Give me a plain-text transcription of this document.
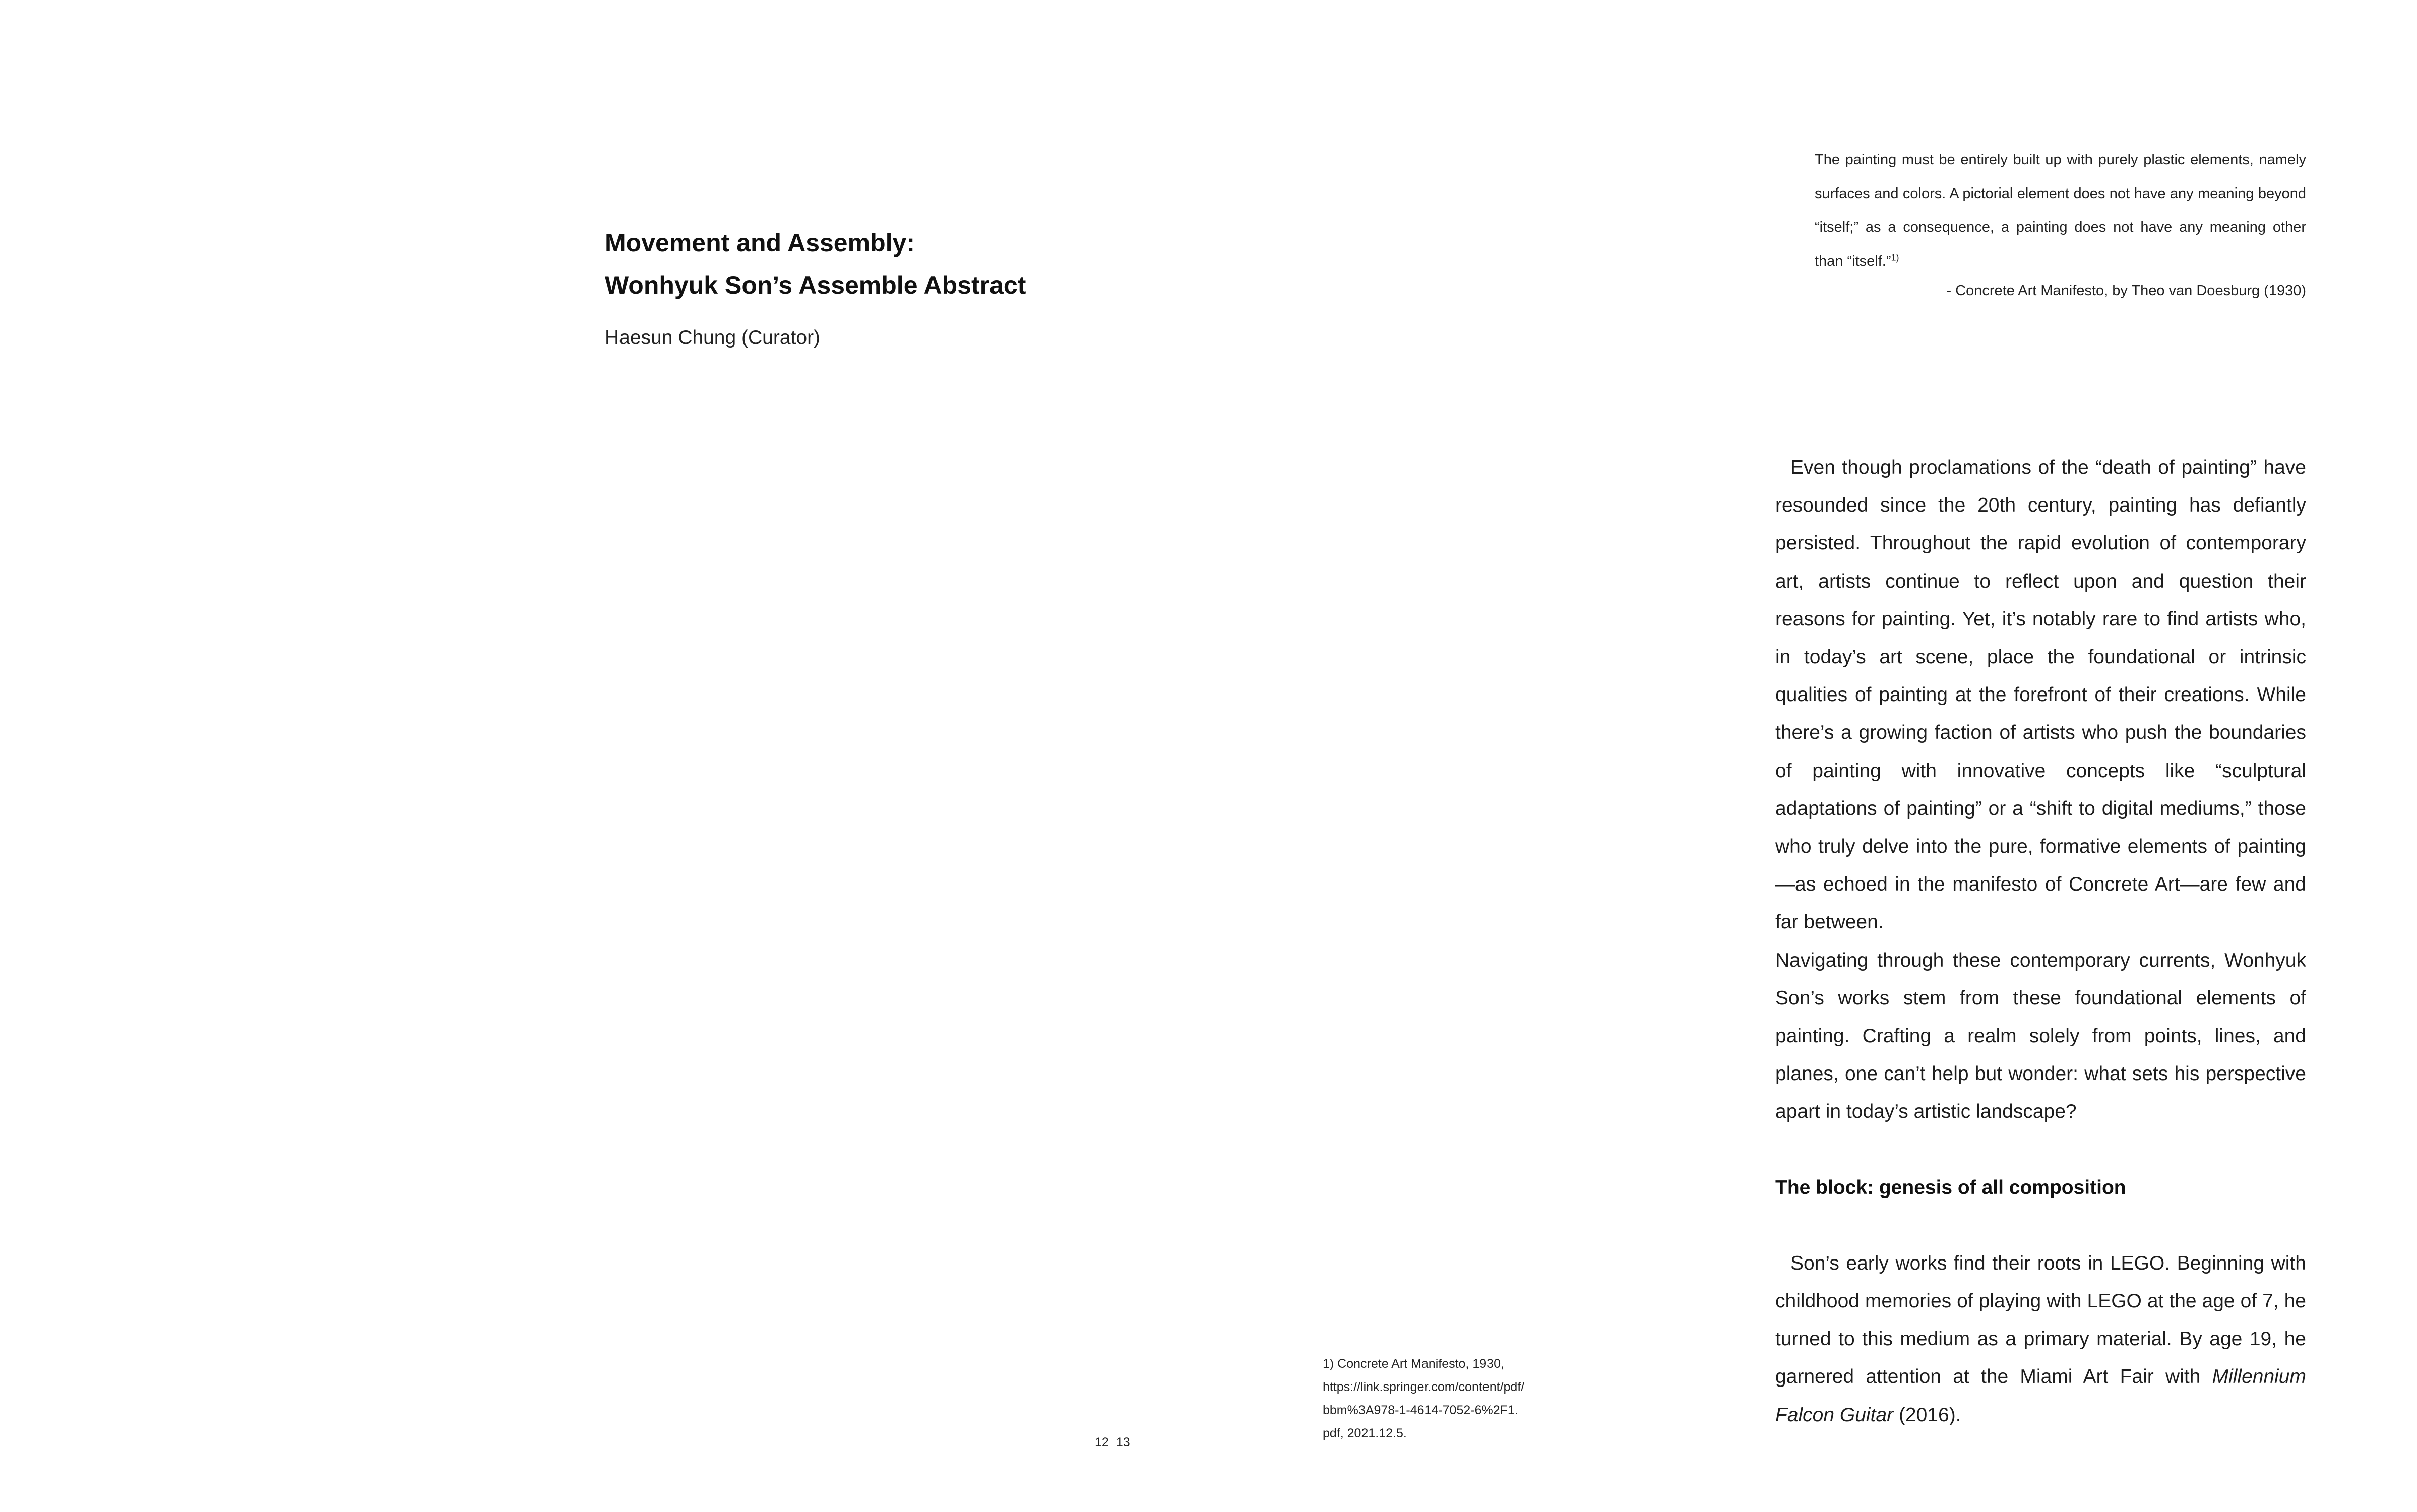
Movement and Assembly:

Wonhyuk Son’s Assemble Abstract

Haesun Chung (Curator)

The painting must be entirely built up with purely plastic elements, namely surfaces and colors. A pictorial element does not have any meaning beyond “itself;” as a consequence, a painting does not have any meaning other than “itself.”$^{1)}$

- Concrete Art Manifesto, by Theo van Doesburg (1930)

Even though proclamations of the “death of painting” have resounded since the 20th century, painting has defiantly persisted. Throughout the rapid evolution of contemporary art, artists continue to reflect upon and question their reasons for painting. Yet, it’s notably rare to find artists who, in today’s art scene, place the foundational or intrinsic qualities of painting at the forefront of their creations. While there’s a growing faction of artists who push the boundaries of painting with innovative concepts like “sculptural adaptations of painting” or a “shift to digital mediums,” those who truly delve into the pure, formative elements of painting—as echoed in the manifesto of Concrete Art—are few and far between.

Navigating through these contemporary currents, Wonhyuk Son’s works stem from these foundational elements of painting. Crafting a realm solely from points, lines, and planes, one can’t help but wonder: what sets his perspective apart in today’s artistic landscape?

The block: genesis of all composition

Son’s early works find their roots in LEGO. Beginning with childhood memories of playing with LEGO at the age of 7, he turned to this medium as a primary material. By age 19, he garnered attention at the Miami Art Fair with Millennium Falcon Guitar (2016).

1) Concrete Art Manifesto, 1930,
https://link.springer.com/content/pdf/
bbm%3A978-1-4614-7052-6%2F1.
pdf, 2021.12.5.
12 13
